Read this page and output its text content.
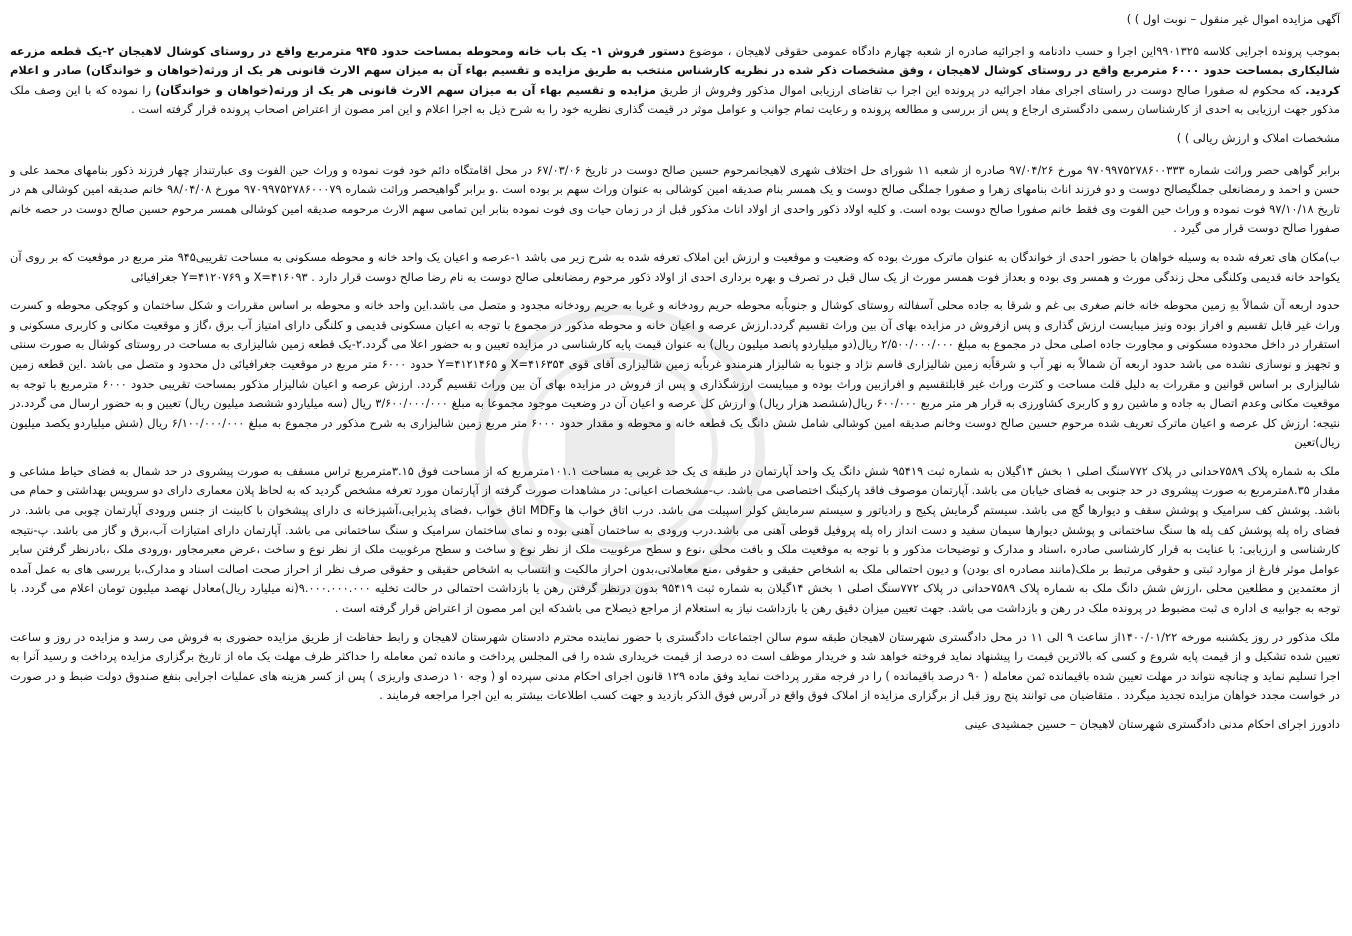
آگهی مزایده اموال غیر منقول – نوبت اول ) )

بموجب پرونده اجرایی کلاسه ۹۹۰۱۳۲۵این اجرا و حسب دادنامه و اجرائیه صادره از شعبه چهارم دادگاه عمومی حقوقی لاهیجان ، موضوع دستور فروش ۱- یک باب خانه ومحوطه بمساحت حدود ۹۴۵ مترمربع واقع در روستای کوشال لاهیجان ۲-یک قطعه مزرعه شالیکاری بمساحت حدود ۶۰۰۰ مترمربع واقع در روستای کوشال لاهیجان ، وفق مشخصات ذکر شده در نظریه کارشناس منتخب به طریق مزایده و تقسیم بهاء آن به میزان سهم الارث قانونی هر یک از ورثه(خواهان و خواندگان) صادر و اعلام کردید. که محکوم له صفورا صالح دوست در راستای اجرای مفاد اجرائیه در پرونده این اجرا ب تقاضای ارزیابی اموال مذکور وفروش از طریق مزایده و تقسیم بهاء آن به میزان سهم الارث قانونی هر یک از ورثه(خواهان و خواندگان) را نموده که با این وصف ملک مذکور جهت ارزیابی به احدی از کارشناسان رسمی دادگستری ارجاع و پس از بررسی و مطالعه پرونده و رعایت تمام جوانب و عوامل موثر در قیمت گذاری نظریه خود را به شرح ذیل به اجرا اعلام و این امر مصون از اعتراض اصحاب پرونده قرار گرفته است .

مشخصات املاک و ارزش ریالی ) )

برابر گواهی حصر وراثت شماره ۹۷۰۹۹۷۵۲۷۸۶۰۰۳۳۳ مورخ ۹۷/۰۴/۲۶ صادره از شعبه ۱۱ شورای حل اختلاف شهری لاهیجانمرحوم حسین صالح دوست در تاریخ ۶۷/۰۳/۰۶ در محل اقامتگاه دائم خود فوت نموده و وراث حین الفوت وی عبارتنداز چهار فرزند ذکور بنامهای محمد علی و حسن و احمد و رمضانعلی جملگیصالح دوست و دو فرزند اناث بنامهای زهرا و صفورا جملگی صالح دوست و یک همسر بنام صدیقه امین کوشالی به عنوان وراث سهم بر بوده است .و برابر گواهیحصر وراثت شماره ۹۷۰۹۹۷۵۲۷۸۶۰۰۰۷۹ مورخ ۹۸/۰۴/۰۸ خانم صدیقه امین کوشالی هم در تاریخ ۹۷/۱۰/۱۸ فوت نموده و وراث حین الفوت وی فقط خانم صفورا صالح دوست بوده است. و کلیه اولاد ذکور واحدی از اولاد اناث مذکور قبل از در زمان حیات وی فوت نموده بنابر این تمامی سهم الارث مرحومه صدیقه امین کوشالی همسر مرحوم حسین صالح دوست در حصه خانم صفورا صالح دوست قرار می گیرد .

ب)مکان های تعرفه شده به وسیله خواهان با حضور احدی از خواندگان به عنوان ماترک مورث بوده که وضعیت و موقعیت و ارزش این املاک تعرفه شده به شرح زیر می باشد ۱-عرصه و اعیان یک واحد خانه و محوطه مسکونی به مساحت تقریبی۹۴۵ متر مربع در موقعیت که بر روی آن یکواحد خانه قدیمی وکلنگی محل زندگی مورث و همسر وی بوده و بعداز فوت همسر مورث از یک سال قبل در تصرف و بهره برداری احدی از اولاد ذکور مرحوم رمضانعلی صالح دوست به نام رضا صالح دوست قرار دارد . ۴۱۶۰۹۳=X و ۴۱۲۰۷۶۹=Y جغرافیائی

حدود اربعه آن شمالاً بهِ زمین محوطه خانه خانم صغری بی غم و شرقا به جاده محلی آسفالته روستای کوشال و جنوباًبه محوطه حریم رودخانه و غربا به حریم رودخانه مجدود و متصل می باشد.این واحد خانه و محوطه بر اساس مقررات و شکل ساختمان و کوچکی محوطه و کسرت وراث غیر قابل تقسیم و افراز بوده ونیز میبایست ارزش گذاری و پس ازفروش در مزایده بهای آن بین وراث تقسیم گردد.ارزش عرصه و اعیان خانه و محوطه مذکور در مجموع با توجه به اعیان مسکونی قدیمی و کلنگی دارای امتیاز آب برق ،گاز و موقعیت مکانی و کاربری مسکونی و استقرار در داخل محدوده مسکونی و مجاورت جاده اصلی محل در مجموع به مبلغ ۲/۵۰۰/۰۰۰/۰۰۰ ریال(دو میلیاردو پانصد میلیون ریال) به عنوان قیمت پایه کارشناسی در مزایده تعیین و به حضور اعلا می گردد.۲-یک قطعه زمین شالیزاری به مساحت در روستای کوشال به صورت سنتی و تجهیز و نوسازی نشده می باشد حدود اربعه آن شمالاً به نهر آب و شرقاًبه زمین شالیزاری قاسم نژاد و جنوبا به شالیزار هنرمندو غرباًبه زمین شالیزاری آقای قوی ۴۱۶۳۵۴=X و ۴۱۲۱۴۶۵=Y حدود ۶۰۰۰ متر مربع در موقعیت جغرافیائی دل محدود و متصل می باشد .این قطعه زمین شالیزاری بر اساس قوانین و مقررات به دلیل قلت مساحت و کثرت وراث غیر قابلتقسیم و افرازبین وراث بوده و میبایست ارزشگذاری و پس از فروش در مزایده بهای آن بین وراث تقسیم گردد. ارزش عرصه و اعیان شالیزار مذکور بمساحت تقریبی حدود ۶۰۰۰ مترمربع با توجه به موقعیت مکانی وعدم اتصال به جاده و ماشین رو و کاربری کشاورزی به قرار هر متر مربع ۶۰۰/۰۰۰ ریال(ششصد هزار ریال) و ارزش کل عرصه و اعیان آن در وضعیت موجود مجموعا به مبلغ ۳/۶۰۰/۰۰۰/۰۰۰ ریال (سه میلیاردو ششصد میلیون ریال) تعیین و به حضور ارسال می گردد.در نتیجه: ارزش کل عرصه و اعیان ماترک تعریف شده مرحوم حسین صالح دوست وخانم صدیقه امین کوشالی شامل شش دانگ یک قطعه خانه و محوطه و مقدار حدود ۶۰۰۰ متر مربع زمین شالیزاری به شرح مذکور در مجموع به مبلغ ۶/۱۰۰/۰۰۰/۰۰۰ ریال (شش میلیاردو یکصد میلیون ریال)تعین

ملک به شماره پلاک ۷۵۸۹حدانی در پلاک ۷۷۲سنگ اصلی ۱ بخش ۱۴گیلان به شماره ثبت ۹۵۴۱۹ شش دانگ یک واحد آپارتمان در طبقه ی یک حد غربی به مساحت ۱۰۱.۱مترمربع که از مساحت فوق ۳.۱۵مترمربع تراس مسقف به صورت پیشروی در حد شمال به فضای حیاط مشاعی و مقدار ۸.۳۵مترمربع به صورت پیشروی در حد جنوبی به فضای خیابان می باشد. آپارتمان موصوف فاقد پارکینگ اختصاصی می باشد. ب-مشخصات اعیانی: در مشاهدات صورت گرفته از آپارتمان مورد تعرفه مشخص گردید که به لحاظ پلان معماری دارای دو سرویس بهداشتی و حمام می باشد. پوشش کف سرامیک و پوشش سقف و دیوارها گچ می باشد. سیستم گرمایش پکیج و رادیاتور و سیستم سرمایش کولر اسپیلت می باشد. درب اتاق خواب ها وMDF اتاق خواب ،فضای پذیرایی،آشپزخانه ی دارای پیشخوان با کابینت از جنس ورودی آپارتمان چوبی می باشد. در فضای راه پله پوشش کف پله ها سنگ ساختمانی و پوشش دیوارها سیمان سفید و دست انداز راه پله پروفیل قوطی آهنی می باشد.درب ورودی به ساختمان آهنی بوده و نمای ساختمان سرامیک و سنگ ساختمانی می باشد. آپارتمان دارای امتیازات آب،برق و گاز می باشد. پ-نتیجه کارشناسی و ارزیابی: با عنایت به قرار کارشناسی صادره ،اسناد و مدارک و توضیحات مذکور و با توجه به موقعیت ملک و بافت محلی ،نوع و سطح مرغوبیت ملک از نظر نوع و ساخت و سطح مرغوبیت ملک از نظر نوع و ساخت ،عرض معبرمجاور ،ورودی ملک ،بادرنظر گرفتن سایر عوامل موثر فارغ از موارد ثبتی و حقوقی مرتبط بر ملک(مانند مصادره ای بودن) و دیون احتمالی ملک به اشخاص حقیقی و حقوقی ،منع معاملاتی،بدون احراز مالکیت و انتساب به اشخاص حقیقی و حقوقی صرف نظر از احراز صحت اصالت اسناد و مدارک،با بررسی های به عمل آمده از معتمدین و مطلعین محلی ،ارزش شش دانگ ملک به شماره پلاک ۷۵۸۹حدانی در پلاک ۷۷۲سنگ اصلی ۱ بخش ۱۴گیلان به شماره ثبت ۹۵۴۱۹ بدون درنظر گرفتن رهن یا بازداشت احتمالی در حالت تخلیه ۹.۰۰۰.۰۰۰.۰۰۰(نه میلیارد ریال)معادل نهصد میلیون تومان اعلام می گردد. با توجه به جوابیه ی اداره ی ثبت مضبوط در پرونده ملک در رهن و بازداشت می باشد. جهت تعیین میزان دقیق رهن یا بازداشت نیاز به استعلام از مراجع ذیصلاح می باشدکه این امر مصون از اعتراض قرار گرفته است .

ملک مذکور در روز یکشنبه مورخه ۱۴۰۰/۰۱/۲۲از ساعت ۹ الی ۱۱ در محل دادگستری شهرستان لاهیجان طبقه سوم سالن اجتماعات دادگستری با حضور نماینده محترم دادستان شهرستان لاهیجان و رابط حفاظت از طریق مزایده حضوری به فروش می رسد و مزایده در روز و ساعت تعیین شده تشکیل و از قیمت پایه شروع و کسی که بالاترین قیمت را پیشنهاد نماید فروخته خواهد شد و خریدار موظف است ده درصد از قیمت خریداری شده را فی المجلس پرداخت و مانده ثمن معامله را حداکثر ظرف مهلت یک ماه از تاریخ برگزاری مزایده پرداخت و رسید آنرا به اجرا تسلیم نماید و چنانچه نتواند در مهلت تعیین شده باقیمانده ثمن معامله ( ۹۰ درصد باقیمانده ) را در فرجه مقرر پرداخت نماید وفق ماده ۱۲۹ قانون اجرای احکام مدنی سپرده او ( وجه ۱۰ درصدی واریزی ) پس از کسر هزینه های عملیات اجرایی بنفع صندوق دولت ضبط و در صورت در خواست مجدد خواهان مزایده تجدید میگردد . متقاضیان می توانند پنج روز قبل از برگزاری مزایده از املاک فوق واقع در آدرس فوق الذکر بازدید و جهت کسب اطلاعات بیشتر به این اجرا مراجعه فرمایند .

دادورز اجرای احکام مدنی دادگستری شهرستان لاهیجان – حسین جمشیدی عینی
